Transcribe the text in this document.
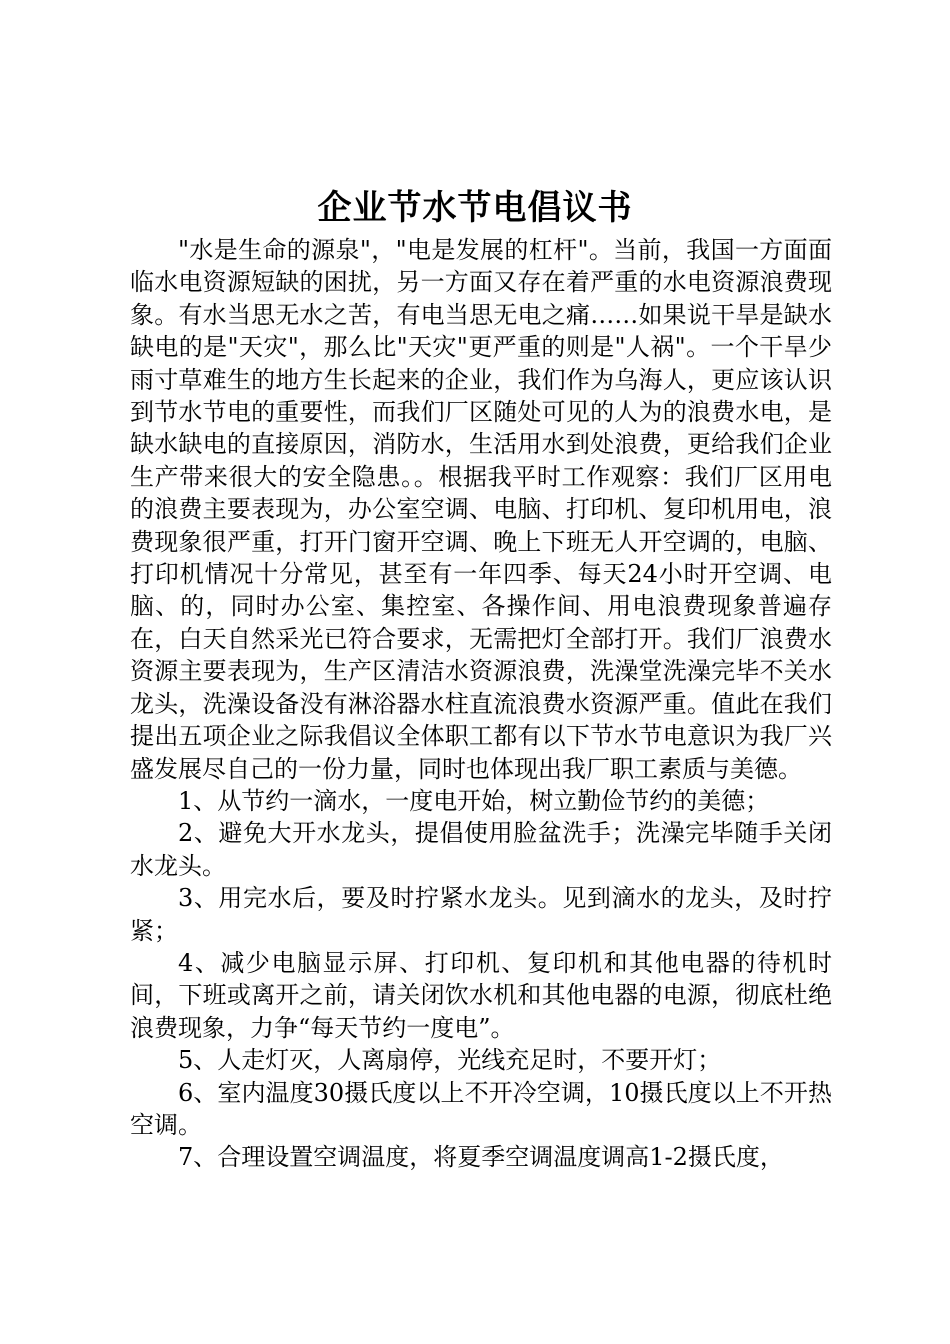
企业节水节电倡议书

"水是生命的源泉"，"电是发展的杠杆"。当前，我国一方面面临水电资源短缺的困扰，另一方面又存在着严重的水电资源浪费现象。有水当思无水之苦，有电当思无电之痛……如果说干旱是缺水缺电的是"天灾"，那么比"天灾"更严重的则是"人祸"。一个干旱少雨寸草难生的地方生长起来的企业，我们作为乌海人，更应该认识到节水节电的重要性，而我们厂区随处可见的人为的浪费水电，是缺水缺电的直接原因，消防水，生活用水到处浪费，更给我们企业生产带来很大的安全隐患。。根据我平时工作观察：我们厂区用电的浪费主要表现为，办公室空调、电脑、打印机、复印机用电，浪费现象很严重，打开门窗开空调、晚上下班无人开空调的，电脑、打印机情况十分常见，甚至有一年四季、每天24小时开空调、电脑、的，同时办公室、集控室、各操作间、用电浪费现象普遍存在，白天自然采光已符合要求，无需把灯全部打开。我们厂浪费水资源主要表现为，生产区清洁水资源浪费，洗澡堂洗澡完毕不关水龙头，洗澡设备没有淋浴器水柱直流浪费水资源严重。值此在我们提出五项企业之际我倡议全体职工都有以下节水节电意识为我厂兴盛发展尽自己的一份力量，同时也体现出我厂职工素质与美德。

1、从节约一滴水，一度电开始，树立勤俭节约的美德；

2、避免大开水龙头，提倡使用脸盆洗手；洗澡完毕随手关闭水龙头。

3、用完水后，要及时拧紧水龙头。见到滴水的龙头，及时拧紧；

4、减少电脑显示屏、打印机、复印机和其他电器的待机时间，下班或离开之前，请关闭饮水机和其他电器的电源，彻底杜绝浪费现象，力争“每天节约一度电”。

5、人走灯灭，人离扇停，光线充足时，不要开灯；

6、室内温度30摄氏度以上不开冷空调，10摄氏度以上不开热空调。

7、合理设置空调温度，将夏季空调温度调高1-2摄氏度，
